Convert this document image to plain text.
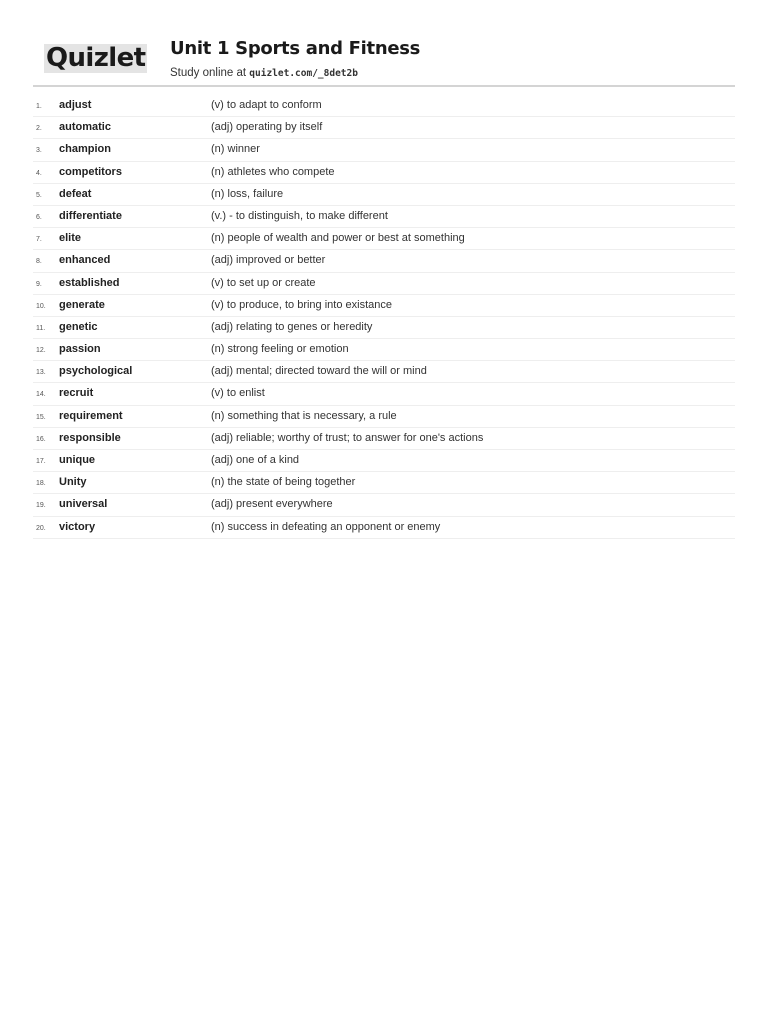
Quizlet Unit 1 Sports and Fitness
Study online at quizlet.com/_8det2b
1. adjust	(v) to adapt to conform
2. automatic	(adj) operating by itself
3. champion	(n) winner
4. competitors	(n) athletes who compete
5. defeat	(n) loss, failure
6. differentiate	(v.) - to distinguish, to make different
7. elite	(n) people of wealth and power or best at something
8. enhanced	(adj) improved or better
9. established	(v) to set up or create
10. generate	(v) to produce, to bring into existance
11. genetic	(adj) relating to genes or heredity
12. passion	(n) strong feeling or emotion
13. psychological	(adj) mental; directed toward the will or mind
14. recruit	(v) to enlist
15. requirement	(n) something that is necessary, a rule
16. responsible	(adj) reliable; worthy of trust; to answer for one's actions
17. unique	(adj) one of a kind
18. Unity	(n) the state of being together
19. universal	(adj) present everywhere
20. victory	(n) success in defeating an opponent or enemy
